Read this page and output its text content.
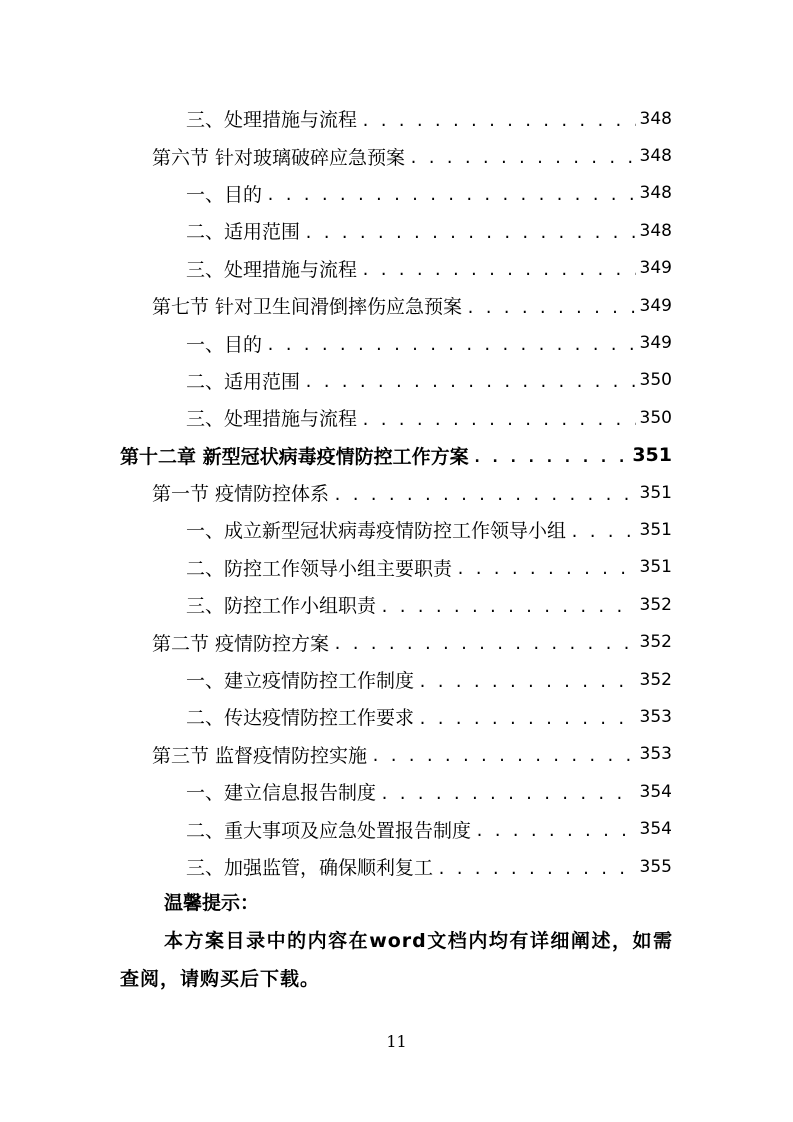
三、处理措施与流程 . . .	348
第六节 针对玻璃破碎应急预案 . . .	348
一、目的 . . .	348
二、适用范围 . . .	348
三、处理措施与流程 . . .	349
第七节 针对卫生间滑倒摔伤应急预案 . . .	349
一、目的 . . .	349
二、适用范围 . . .	350
三、处理措施与流程 . . .	350
第十二章 新型冠状病毒疫情防控工作方案 . . .	351
第一节 疫情防控体系 . . .	351
一、成立新型冠状病毒疫情防控工作领导小组 . . .	351
二、防控工作领导小组主要职责 . . .	351
三、防控工作小组职责 . . .	352
第二节 疫情防控方案 . . .	352
一、建立疫情防控工作制度 . . .	352
二、传达疫情防控工作要求 . . .	353
第三节 监督疫情防控实施 . . .	353
一、建立信息报告制度 . . .	354
二、重大事项及应急处置报告制度 . . .	354
三、加强监管，确保顺利复工 . . .	355
温馨提示：
本方案目录中的内容在word文档内均有详细阐述，如需查阅，请购买后下载。
11
